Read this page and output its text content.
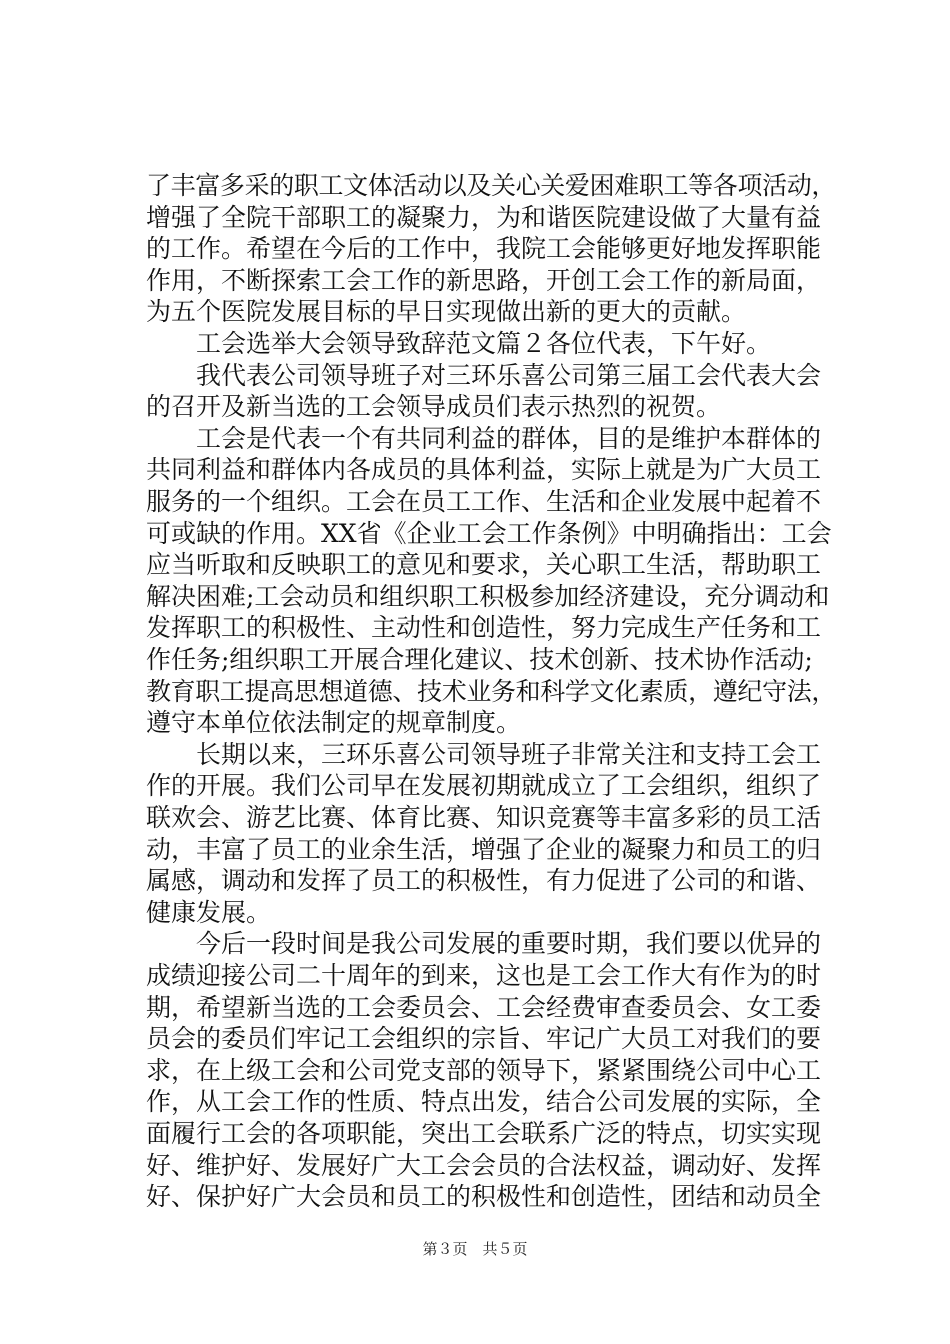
了丰富多采的职工文体活动以及关心关爱困难职工等各项活动，
增强了全院干部职工的凝聚力，为和谐医院建设做了大量有益
的工作。希望在今后的工作中，我院工会能够更好地发挥职能
作用，不断探索工会工作的新思路，开创工会工作的新局面，
为五个医院发展目标的早日实现做出新的更大的贡献。
　　工会选举大会领导致辞范文篇２各位代表，下午好。
　　我代表公司领导班子对三环乐喜公司第三届工会代表大会
的召开及新当选的工会领导成员们表示热烈的祝贺。
　　工会是代表一个有共同利益的群体，目的是维护本群体的
共同利益和群体内各成员的具体利益，实际上就是为广大员工
服务的一个组织。工会在员工工作、生活和企业发展中起着不
可或缺的作用。XX省《企业工会工作条例》中明确指出：工会
应当听取和反映职工的意见和要求，关心职工生活，帮助职工
解决困难;工会动员和组织职工积极参加经济建设，充分调动和
发挥职工的积极性、主动性和创造性，努力完成生产任务和工
作任务;组织职工开展合理化建议、技术创新、技术协作活动;
教育职工提高思想道德、技术业务和科学文化素质，遵纪守法，
遵守本单位依法制定的规章制度。
　　长期以来，三环乐喜公司领导班子非常关注和支持工会工
作的开展。我们公司早在发展初期就成立了工会组织，组织了
联欢会、游艺比赛、体育比赛、知识竞赛等丰富多彩的员工活
动，丰富了员工的业余生活，增强了企业的凝聚力和员工的归
属感，调动和发挥了员工的积极性，有力促进了公司的和谐、
健康发展。
　　今后一段时间是我公司发展的重要时期，我们要以优异的
成绩迎接公司二十周年的到来，这也是工会工作大有作为的时
期，希望新当选的工会委员会、工会经费审查委员会、女工委
员会的委员们牢记工会组织的宗旨、牢记广大员工对我们的要
求，在上级工会和公司党支部的领导下，紧紧围绕公司中心工
作，从工会工作的性质、特点出发，结合公司发展的实际，全
面履行工会的各项职能，突出工会联系广泛的特点，切实实现
好、维护好、发展好广大工会会员的合法权益，调动好、发挥
好、保护好广大会员和员工的积极性和创造性，团结和动员全
第３页　共５页
